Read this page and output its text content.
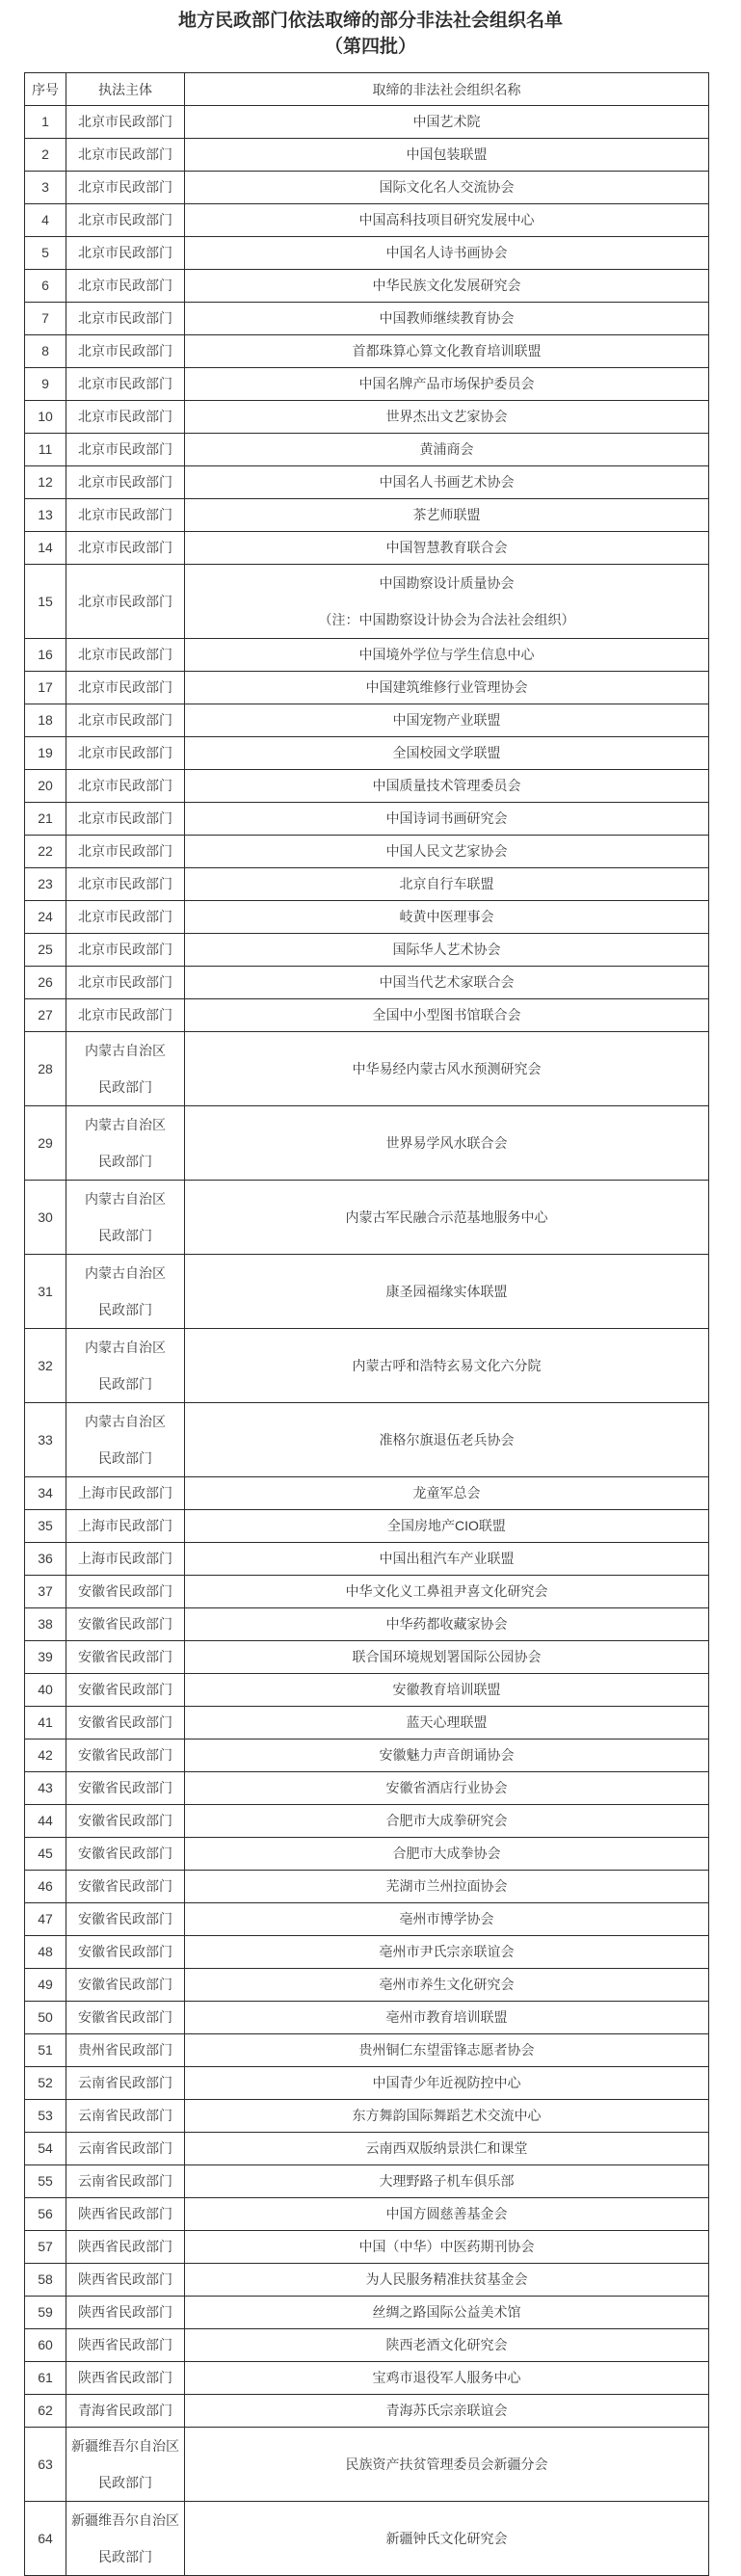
地方民政部门依法取缔的部分非法社会组织名单
（第四批）
序号	执法主体	取缔的非法社会组织名称

1	北京市民政部门	中国艺术院

2	北京市民政部门	中国包装联盟

3	北京市民政部门	国际文化名人交流协会

4	北京市民政部门	中国高科技项目研究发展中心

5	北京市民政部门	中国名人诗书画协会

6	北京市民政部门	中华民族文化发展研究会

7	北京市民政部门	中国教师继续教育协会

8	北京市民政部门	首都珠算心算文化教育培训联盟

9	北京市民政部门	中国名牌产品市场保护委员会

10	北京市民政部门	世界杰出文艺家协会

11	北京市民政部门	黄浦商会

12	北京市民政部门	中国名人书画艺术协会

13	北京市民政部门	茶艺师联盟

14	北京市民政部门	中国智慧教育联合会

15	北京市民政部门	中国勘察设计质量协会
（注：中国勘察设计协会为合法社会组织）

16	北京市民政部门	中国境外学位与学生信息中心

17	北京市民政部门	中国建筑维修行业管理协会

18	北京市民政部门	中国宠物产业联盟

19	北京市民政部门	全国校园文学联盟

20	北京市民政部门	中国质量技术管理委员会

21	北京市民政部门	中国诗词书画研究会

22	北京市民政部门	中国人民文艺家协会

23	北京市民政部门	北京自行车联盟

24	北京市民政部门	岐黄中医理事会

25	北京市民政部门	国际华人艺术协会

26	北京市民政部门	中国当代艺术家联合会

27	北京市民政部门	全国中小型图书馆联合会

28	内蒙古自治区
民政部门	中华易经内蒙古风水预测研究会

29	内蒙古自治区
民政部门	世界易学风水联合会

30	内蒙古自治区
民政部门	内蒙古军民融合示范基地服务中心

31	内蒙古自治区
民政部门	康圣园福缘实体联盟

32	内蒙古自治区
民政部门	内蒙古呼和浩特玄易文化六分院

33	内蒙古自治区
民政部门	准格尔旗退伍老兵协会

34	上海市民政部门	龙童军总会

35	上海市民政部门	全国房地产CIO联盟

36	上海市民政部门	中国出租汽车产业联盟

37	安徽省民政部门	中华文化义工鼻祖尹喜文化研究会

38	安徽省民政部门	中华药都收藏家协会

39	安徽省民政部门	联合国环境规划署国际公园协会

40	安徽省民政部门	安徽教育培训联盟

41	安徽省民政部门	蓝天心理联盟

42	安徽省民政部门	安徽魅力声音朗诵协会

43	安徽省民政部门	安徽省酒店行业协会

44	安徽省民政部门	合肥市大成拳研究会

45	安徽省民政部门	合肥市大成拳协会

46	安徽省民政部门	芜湖市兰州拉面协会

47	安徽省民政部门	亳州市博学协会

48	安徽省民政部门	亳州市尹氏宗亲联谊会

49	安徽省民政部门	亳州市养生文化研究会

50	安徽省民政部门	亳州市教育培训联盟

51	贵州省民政部门	贵州铜仁东望雷锋志愿者协会

52	云南省民政部门	中国青少年近视防控中心

53	云南省民政部门	东方舞韵国际舞蹈艺术交流中心

54	云南省民政部门	云南西双版纳景洪仁和课堂

55	云南省民政部门	大理野路子机车俱乐部

56	陕西省民政部门	中国方圆慈善基金会

57	陕西省民政部门	中国（中华）中医药期刊协会

58	陕西省民政部门	为人民服务精准扶贫基金会

59	陕西省民政部门	丝绸之路国际公益美术馆

60	陕西省民政部门	陕西老酒文化研究会

61	陕西省民政部门	宝鸡市退役军人服务中心

62	青海省民政部门	青海苏氏宗亲联谊会

63	新疆维吾尔自治区
民政部门	民族资产扶贫管理委员会新疆分会

64	新疆维吾尔自治区
民政部门	新疆钟氏文化研究会
